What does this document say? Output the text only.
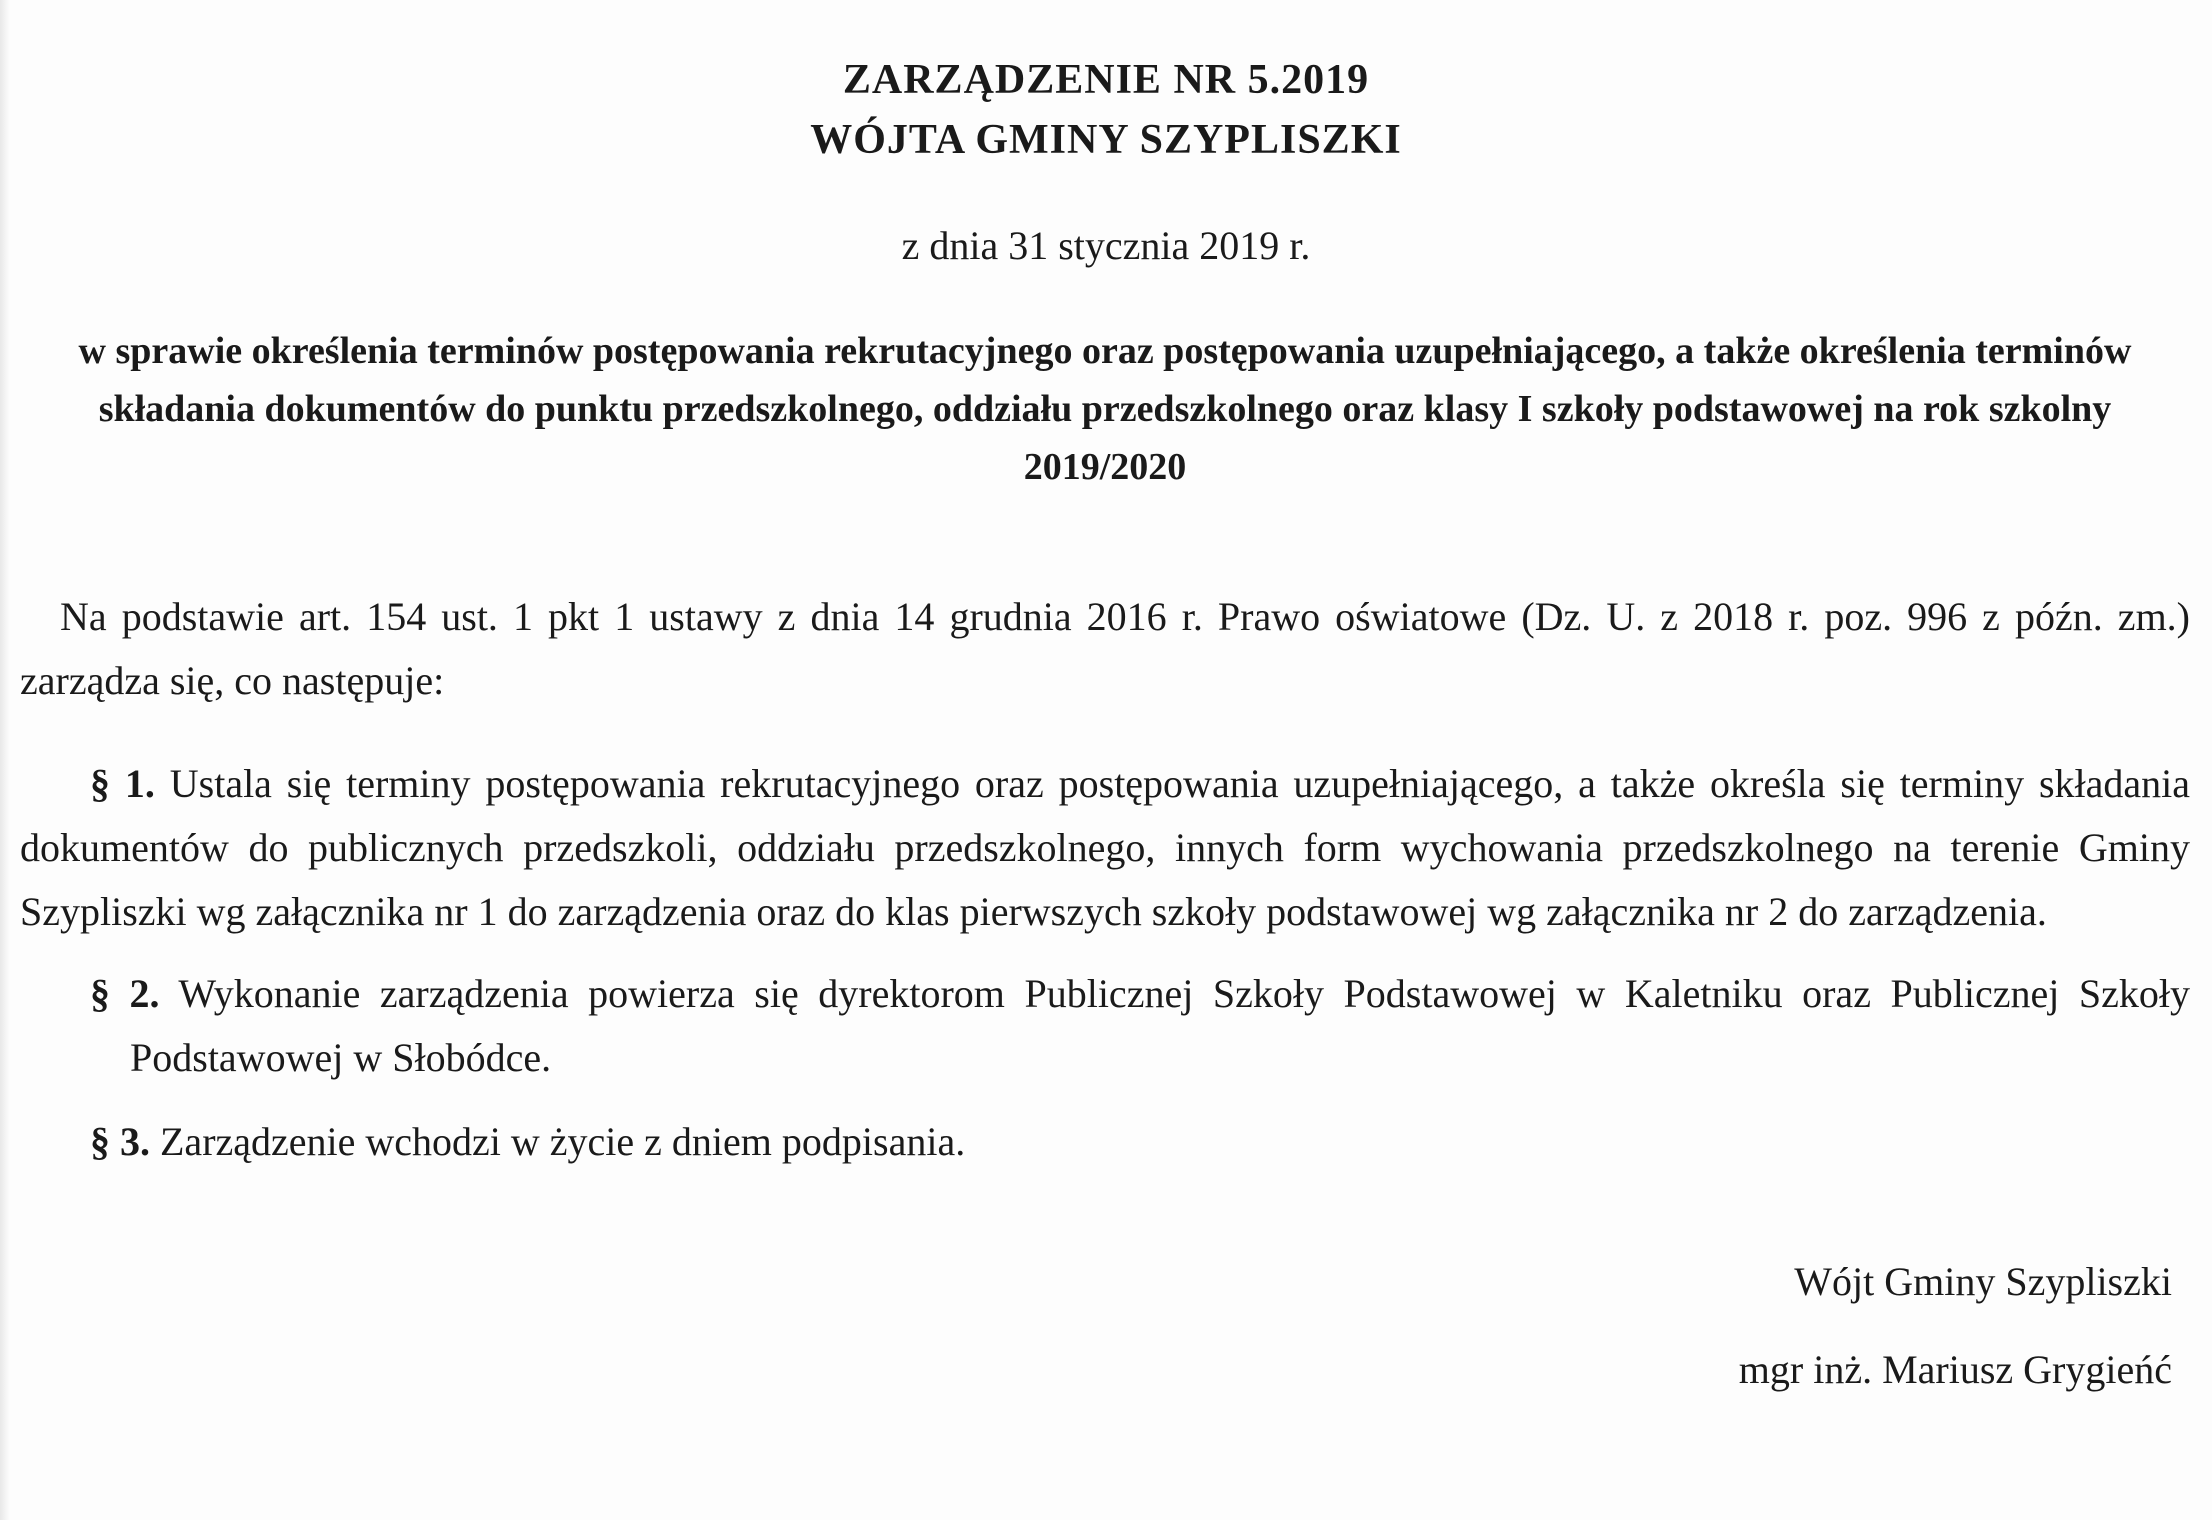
ZARZĄDZENIE NR 5.2019
WÓJTA GMINY SZYPLISZKI
z dnia 31 stycznia 2019 r.
w sprawie określenia terminów postępowania rekrutacyjnego oraz postępowania uzupełniającego, a także określenia terminów składania dokumentów do punktu przedszkolnego, oddziału przedszkolnego oraz klasy I szkoły podstawowej na rok szkolny 2019/2020
Na podstawie art. 154 ust. 1 pkt 1 ustawy z dnia 14 grudnia 2016 r. Prawo oświatowe (Dz. U. z 2018 r. poz. 996 z późn. zm.) zarządza się, co następuje:
§ 1. Ustala się terminy postępowania rekrutacyjnego oraz postępowania uzupełniającego, a także określa się terminy składania dokumentów do publicznych przedszkoli, oddziału przedszkolnego, innych form wychowania przedszkolnego na terenie Gminy Szypliszki wg załącznika nr 1 do zarządzenia oraz do klas pierwszych szkoły podstawowej wg załącznika nr 2 do zarządzenia.
§ 2. Wykonanie zarządzenia powierza się dyrektorom Publicznej Szkoły Podstawowej w Kaletniku oraz Publicznej Szkoły Podstawowej w Słobódce.
§ 3. Zarządzenie wchodzi w życie z dniem podpisania.
Wójt Gminy Szypliszki
mgr inż. Mariusz Grygieńć
